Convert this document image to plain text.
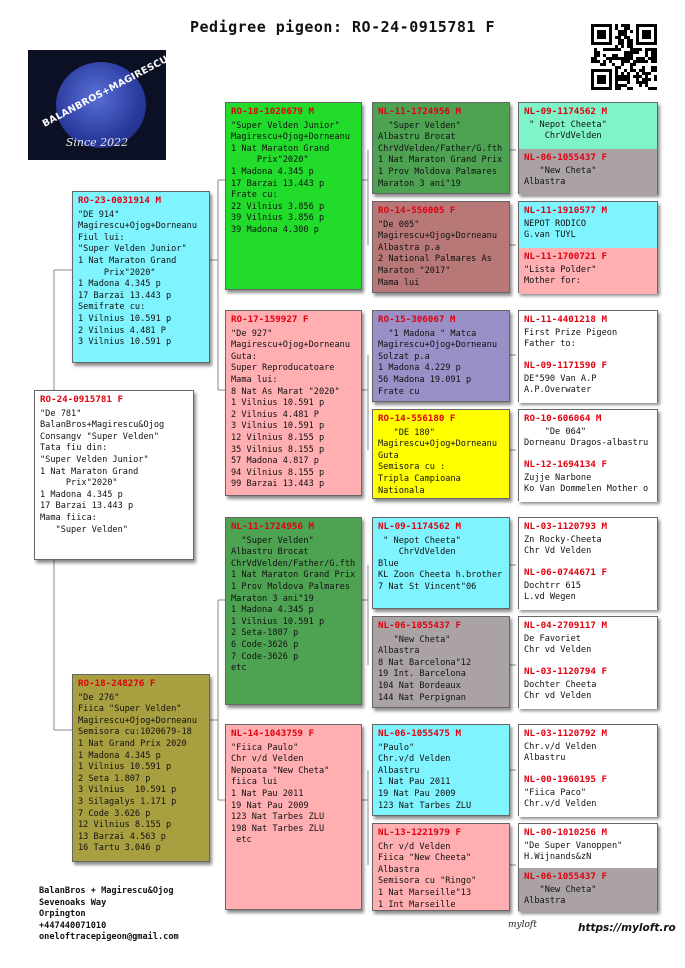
Pedigree pigeon: RO-24-0915781 F
BALANBROS+MAGIRESCU+OJOG
Since 2022
RO-24-0915781 F
"De 781"
BalanBros+Magirescu&Ojog
Consangv "Super Velden"
Tata fiu din:
"Super Velden Junior"
1 Nat Maraton Grand
Prix"2020"
1 Madona 4.345 p
17 Barzai 13.443 p
Mama fiica:
"Super Velden"
RO-23-0031914 M
"DE 914"
Magirescu+Ojog+Dorneanu
Fiul lui:
"Super Velden Junior"
1 Nat Maraton Grand
Prix"2020"
1 Madona 4.345 p
17 Barzai 13.443 p
Semifrate cu:
1 Vilnius 10.591 p
2 Vilnius 4.481 P
3 Vilnius 10.591 p
RO-18-248276 F
"De 276"
Fiica "Super Velden"
Magirescu+Ojog+Dorneanu
Semisora cu:1020679-18
1 Nat Grand Prix 2020
1 Madona 4.345 p
1 Vilnius 10.591 p
2 Seta 1.807 p
3 Vilnius  10.591 p
3 Silagalys 1.171 p
7 Code 3.626 p
12 Vilnius 8.155 p
13 Barzai 4.563 p
16 Tartu 3.046 p
RO-18-1020679 M
"Super Velden Junior"
Magirescu+Ojog+Dorneanu
1 Nat Maraton Grand
Prix"2020"
1 Madona 4.345 p
17 Barzai 13.443 p
Frate cu:
22 Vilnius 3.856 p
39 Vilnius 3.856 p
39 Madona 4.300 p
RO-17-159927 F
"De 927"
Magirescu+Ojog+Dorneanu
Guta:
Super Reproducatoare
Mama lui:
8 Nat As Marat "2020"
1 Vilnius 10.591 p
2 Vilnius 4.481 P
3 Vilnius 10.591 p
12 Vilnius 8.155 p
35 Vilnius 8.155 p
57 Madona 4.817 p
94 Vilnius 8.155 p
99 Barzai 13.443 p
NL-11-1724956 M
"Super Velden"
Albastru Brocat
ChrVdVelden/Father/G.fth
1 Nat Maraton Grand Prix
1 Prov Moldova Palmares
Maraton 3 ani"19
1 Madona 4.345 p
1 Vilnius 10.591 p
2 Seta-1807 p
6 Code-3626 p
7 Code-3626 p
etc
NL-14-1043759 F
"Fiica Paulo"
Chr v/d Velden
Nepoata "New Cheta"
fiica lui
1 Nat Pau 2011
19 Nat Pau 2009
123 Nat Tarbes ZLU
198 Nat Tarbes ZLU
etc
NL-11-1724956 M
"Super Velden"
Albastru Brocat
ChrVdVelden/Father/G.fth
1 Nat Maraton Grand Prix
1 Prov Moldova Palmares
Maraton 3 ani"19
RO-14-556005 F
"De 005"
Magirescu+Ojog+Dorneanu
Albastra p.a
2 National Palmares As
Maraton "2017"
Mama lui
RO-15-306067 M
"1 Madona " Matca
Magirescu+Ojog+Dorneanu
Solzat p.a
1 Madona 4.229 p
56 Madona 19.091 p
Frate cu
RO-14-556180 F
"DE 180"
Magirescu+Ojog+Dorneanu
Guta
Semisora cu :
Tripla Campioana
Nationala
NL-09-1174562 M
" Nepot Cheeta"
ChrVdVelden
Blue
KL Zoon Cheeta h.brother
7 Nat St Vincent"06
NL-06-1055437 F
"New Cheta"
Albastra
8 Nat Barcelona"12
19 Int. Barcelona
104 Nat Bordeaux
144 Nat Perpignan
NL-06-1055475 M
"Paulo"
Chr.v/d Velden
Albastru
1 Nat Pau 2011
19 Nat Pau 2009
123 Nat Tarbes ZLU
NL-13-1221979 F
Chr v/d Velden
Fiica "New Cheeta"
Albastra
Semisora cu "Ringo"
1 Nat Marseille"13
1 Int Marseille
NL-09-1174562 M
" Nepot Cheeta"
ChrVdVelden
NL-06-1055437 F
"New Cheta"
Albastra
NL-11-1910577 M
NEPOT RODICO
G.van TUYL
NL-11-1700721 F
"Lista Polder"
Mother for:
NL-11-4401218 M
First Prize Pigeon
Father to:
NL-09-1171590 F
DE"590 Van A.P
A.P.Overwater
RO-10-606064 M
"De 064"
Dorneanu Dragos-albastru
NL-12-1694134 F
Zujje Narbone
Ko Van Dommelen Mother o
NL-03-1120793 M
Zn Rocky-Cheeta
Chr Vd Velden
NL-06-0744671 F
Dochtrr 615
L.vd Wegen
NL-04-2709117 M
De Favoriet
Chr vd Velden
NL-03-1120794 F
Dochter Cheeta
Chr vd Velden
NL-03-1120792 M
Chr.v/d Velden
Albastru
NL-00-1960195 F
"Fiica Paco"
Chr.v/d Velden
NL-00-1010256 M
"De Super Vanoppen"
H.Wijnands&zN
NL-06-1055437 F
"New Cheta"
Albastra
BalanBros + Magirescu&Ojog
Sevenoaks Way
Orpington
+447440071010
oneloftracepigeon@gmail.com
myloft	https://myloft.ro
